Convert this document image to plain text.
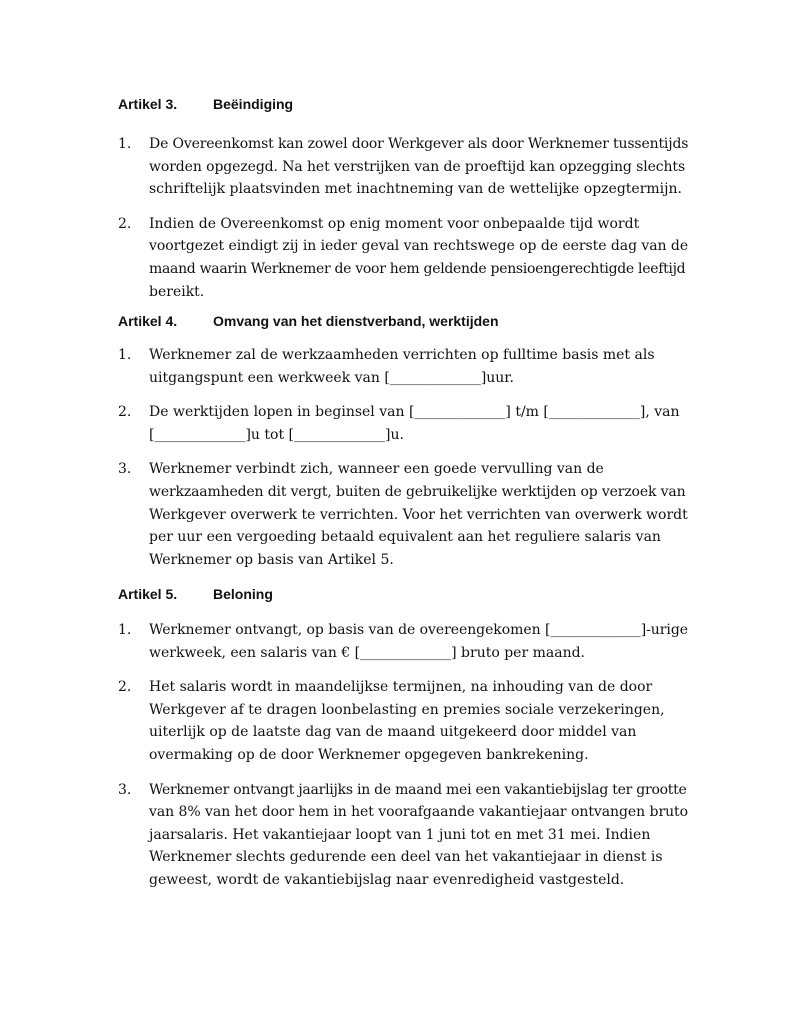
Artikel 3.	Beëindiging
1.	De Overeenkomst kan zowel door Werkgever als door Werknemer tussentijds
worden opgezegd. Na het verstrijken van de proeftijd kan opzegging slechts
schriftelijk plaatsvinden met inachtneming van de wettelijke opzegtermijn.
2.	Indien de Overeenkomst op enig moment voor onbepaalde tijd wordt
voortgezet eindigt zij in ieder geval van rechtswege op de eerste dag van de
maand waarin Werknemer de voor hem geldende pensioengerechtigde leeftijd
bereikt.
Artikel 4.	Omvang van het dienstverband, werktijden
1.	Werknemer zal de werkzaamheden verrichten op fulltime basis met als
uitgangspunt een werkweek van [_____________]uur.
2.	De werktijden lopen in beginsel van [_____________] t/m [_____________], van
[_____________]u tot [_____________]u.
3.	Werknemer verbindt zich, wanneer een goede vervulling van de
werkzaamheden dit vergt, buiten de gebruikelijke werktijden op verzoek van
Werkgever overwerk te verrichten. Voor het verrichten van overwerk wordt
per uur een vergoeding betaald equivalent aan het reguliere salaris van
Werknemer op basis van Artikel 5.
Artikel 5.	Beloning
1.	Werknemer ontvangt, op basis van de overeengekomen [_____________]-urige
werkweek, een salaris van € [_____________] bruto per maand.
2.	Het salaris wordt in maandelijkse termijnen, na inhouding van de door
Werkgever af te dragen loonbelasting en premies sociale verzekeringen,
uiterlijk op de laatste dag van de maand uitgekeerd door middel van
overmaking op de door Werknemer opgegeven bankrekening.
3.	Werknemer ontvangt jaarlijks in de maand mei een vakantiebijslag ter grootte
van 8% van het door hem in het voorafgaande vakantiejaar ontvangen bruto
jaarsalaris. Het vakantiejaar loopt van 1 juni tot en met 31 mei. Indien
Werknemer slechts gedurende een deel van het vakantiejaar in dienst is
geweest, wordt de vakantiebijslag naar evenredigheid vastgesteld.
